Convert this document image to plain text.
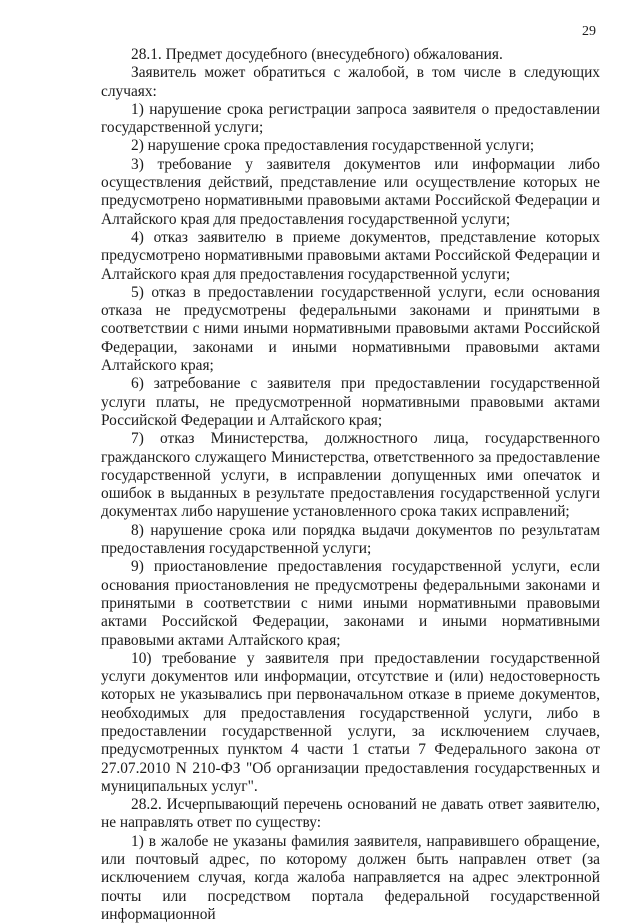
29

28.1. Предмет досудебного (внесудебного) обжалования.

Заявитель может обратиться с жалобой, в том числе в следующих случаях:

1) нарушение срока регистрации запроса заявителя о предоставлении государственной услуги;

2) нарушение срока предоставления государственной услуги;

3) требование у заявителя документов или информации либо осуществления действий, представление или осуществление которых не предусмотрено нормативными правовыми актами Российской Федерации и Алтайского края для предоставления государственной услуги;

4) отказ заявителю в приеме документов, представление которых предусмотрено нормативными правовыми актами Российской Федерации и Алтайского края для предоставления государственной услуги;

5) отказ в предоставлении государственной услуги, если основания отказа не предусмотрены федеральными законами и принятыми в соответствии с ними иными нормативными правовыми актами Российской Федерации, законами и иными нормативными правовыми актами Алтайского края;

6) затребование с заявителя при предоставлении государственной услуги платы, не предусмотренной нормативными правовыми актами Российской Федерации и Алтайского края;

7) отказ Министерства, должностного лица, государственного гражданского служащего Министерства, ответственного за предоставление государственной услуги, в исправлении допущенных ими опечаток и ошибок в выданных в результате предоставления государственной услуги документах либо нарушение установленного срока таких исправлений;

8) нарушение срока или порядка выдачи документов по результатам предоставления государственной услуги;

9) приостановление предоставления государственной услуги, если основания приостановления не предусмотрены федеральными законами и принятыми в соответствии с ними иными нормативными правовыми актами Российской Федерации, законами и иными нормативными правовыми актами Алтайского края;

10) требование у заявителя при предоставлении государственной услуги документов или информации, отсутствие и (или) недостоверность которых не указывались при первоначальном отказе в приеме документов, необходимых для предоставления государственной услуги, либо в предоставлении государственной услуги, за исключением случаев, предусмотренных пунктом 4 части 1 статьи 7 Федерального закона от 27.07.2010 N 210-ФЗ "Об организации предоставления государственных и муниципальных услуг".

28.2. Исчерпывающий перечень оснований не давать ответ заявителю, не направлять ответ по существу:

1) в жалобе не указаны фамилия заявителя, направившего обращение, или почтовый адрес, по которому должен быть направлен ответ (за исключением случая, когда жалоба направляется на адрес электронной почты или посредством портала федеральной государственной информационной
